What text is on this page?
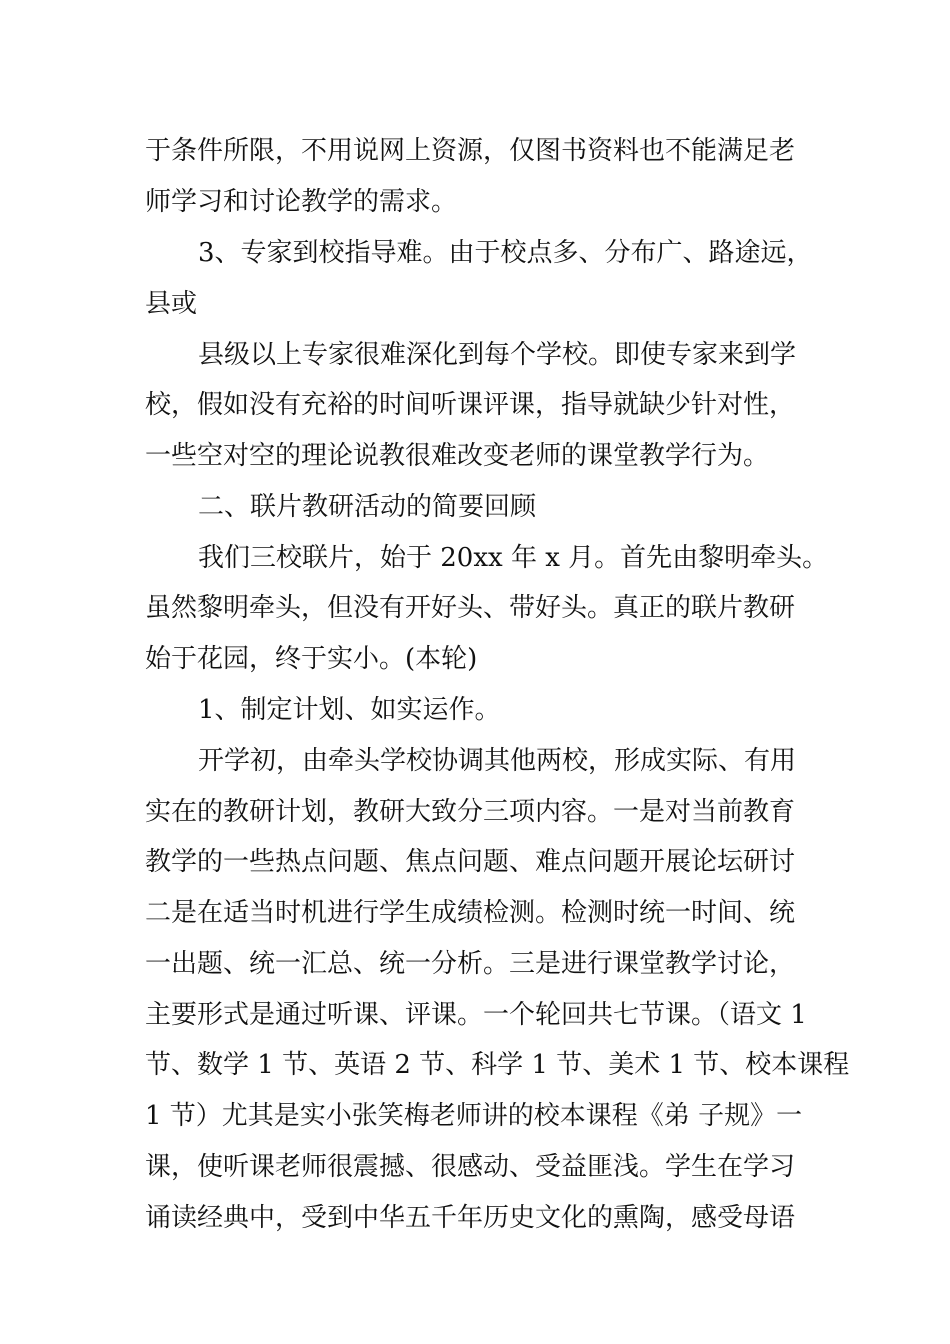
于条件所限，不用说网上资源，仅图书资料也不能满足老
师学习和讨论教学的需求。
3、专家到校指导难。由于校点多、分布广、路途远，
县或
县级以上专家很难深化到每个学校。即使专家来到学
校，假如没有充裕的时间听课评课，指导就缺少针对性，
一些空对空的理论说教很难改变老师的课堂教学行为。
二、联片教研活动的简要回顾
我们三校联片，始于 20xx 年 x 月。首先由黎明牵头。
虽然黎明牵头，但没有开好头、带好头。真正的联片教研
始于花园，终于实小。(本轮)
1、制定计划、如实运作。
开学初，由牵头学校协调其他两校，形成实际、有用
实在的教研计划，教研大致分三项内容。一是对当前教育
教学的一些热点问题、焦点问题、难点问题开展论坛研讨
二是在适当时机进行学生成绩检测。检测时统一时间、统
一出题、统一汇总、统一分析。三是进行课堂教学讨论，
主要形式是通过听课、评课。一个轮回共七节课。（语文 1
节、数学 1 节、英语 2 节、科学 1 节、美术 1 节、校本课程
1 节）尤其是实小张笑梅老师讲的校本课程《弟 子规》一
课，使听课老师很震撼、很感动、受益匪浅。学生在学习
诵读经典中，受到中华五千年历史文化的熏陶，感受母语
